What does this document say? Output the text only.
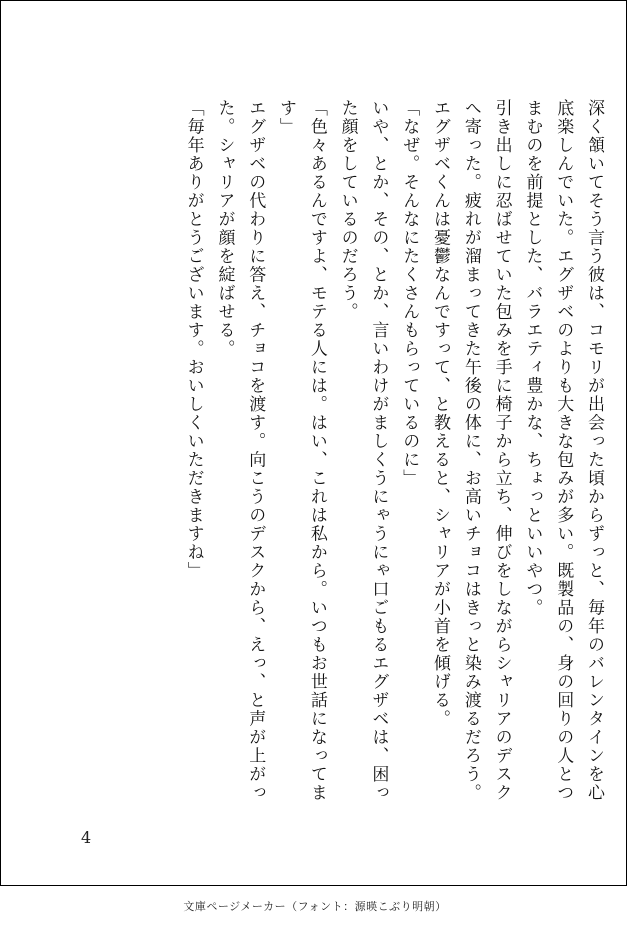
深く頷いてそう言う彼は、コモリが出会った頃からずっと、毎年のバレンタインを心底楽しんでいた。エグザベのよりも大きな包みが多い。既製品の、身の回りの人とつまむのを前提とした、バラエティ豊かな、ちょっといいやつ。

引き出しに忍ばせていた包みを手に椅子から立ち、伸びをしながらシャリアのデスクへ寄った。疲れが溜まってきた午後の体に、お高いチョコはきっと染み渡るだろう。エグザベくんは憂鬱なんですって、と教えると、シャリアが小首を傾げる。

「なぜ。そんなにたくさんもらっているのに」

いや、とか、その、とか、言いわけがましくうにゃうにゃ口ごもるエグザベは、困った顔をしているのだろう。

「色々あるんですよ、モテる人には。はい、これは私から。いつもお世話になってます」

エグザベの代わりに答え、チョコを渡す。向こうのデスクから、えっ、と声が上がった。シャリアが顔を綻ばせる。

「毎年ありがとうございます。おいしくいただきますね」

4
文庫ページメーカー（フォント：源暎こぶり明朝）
